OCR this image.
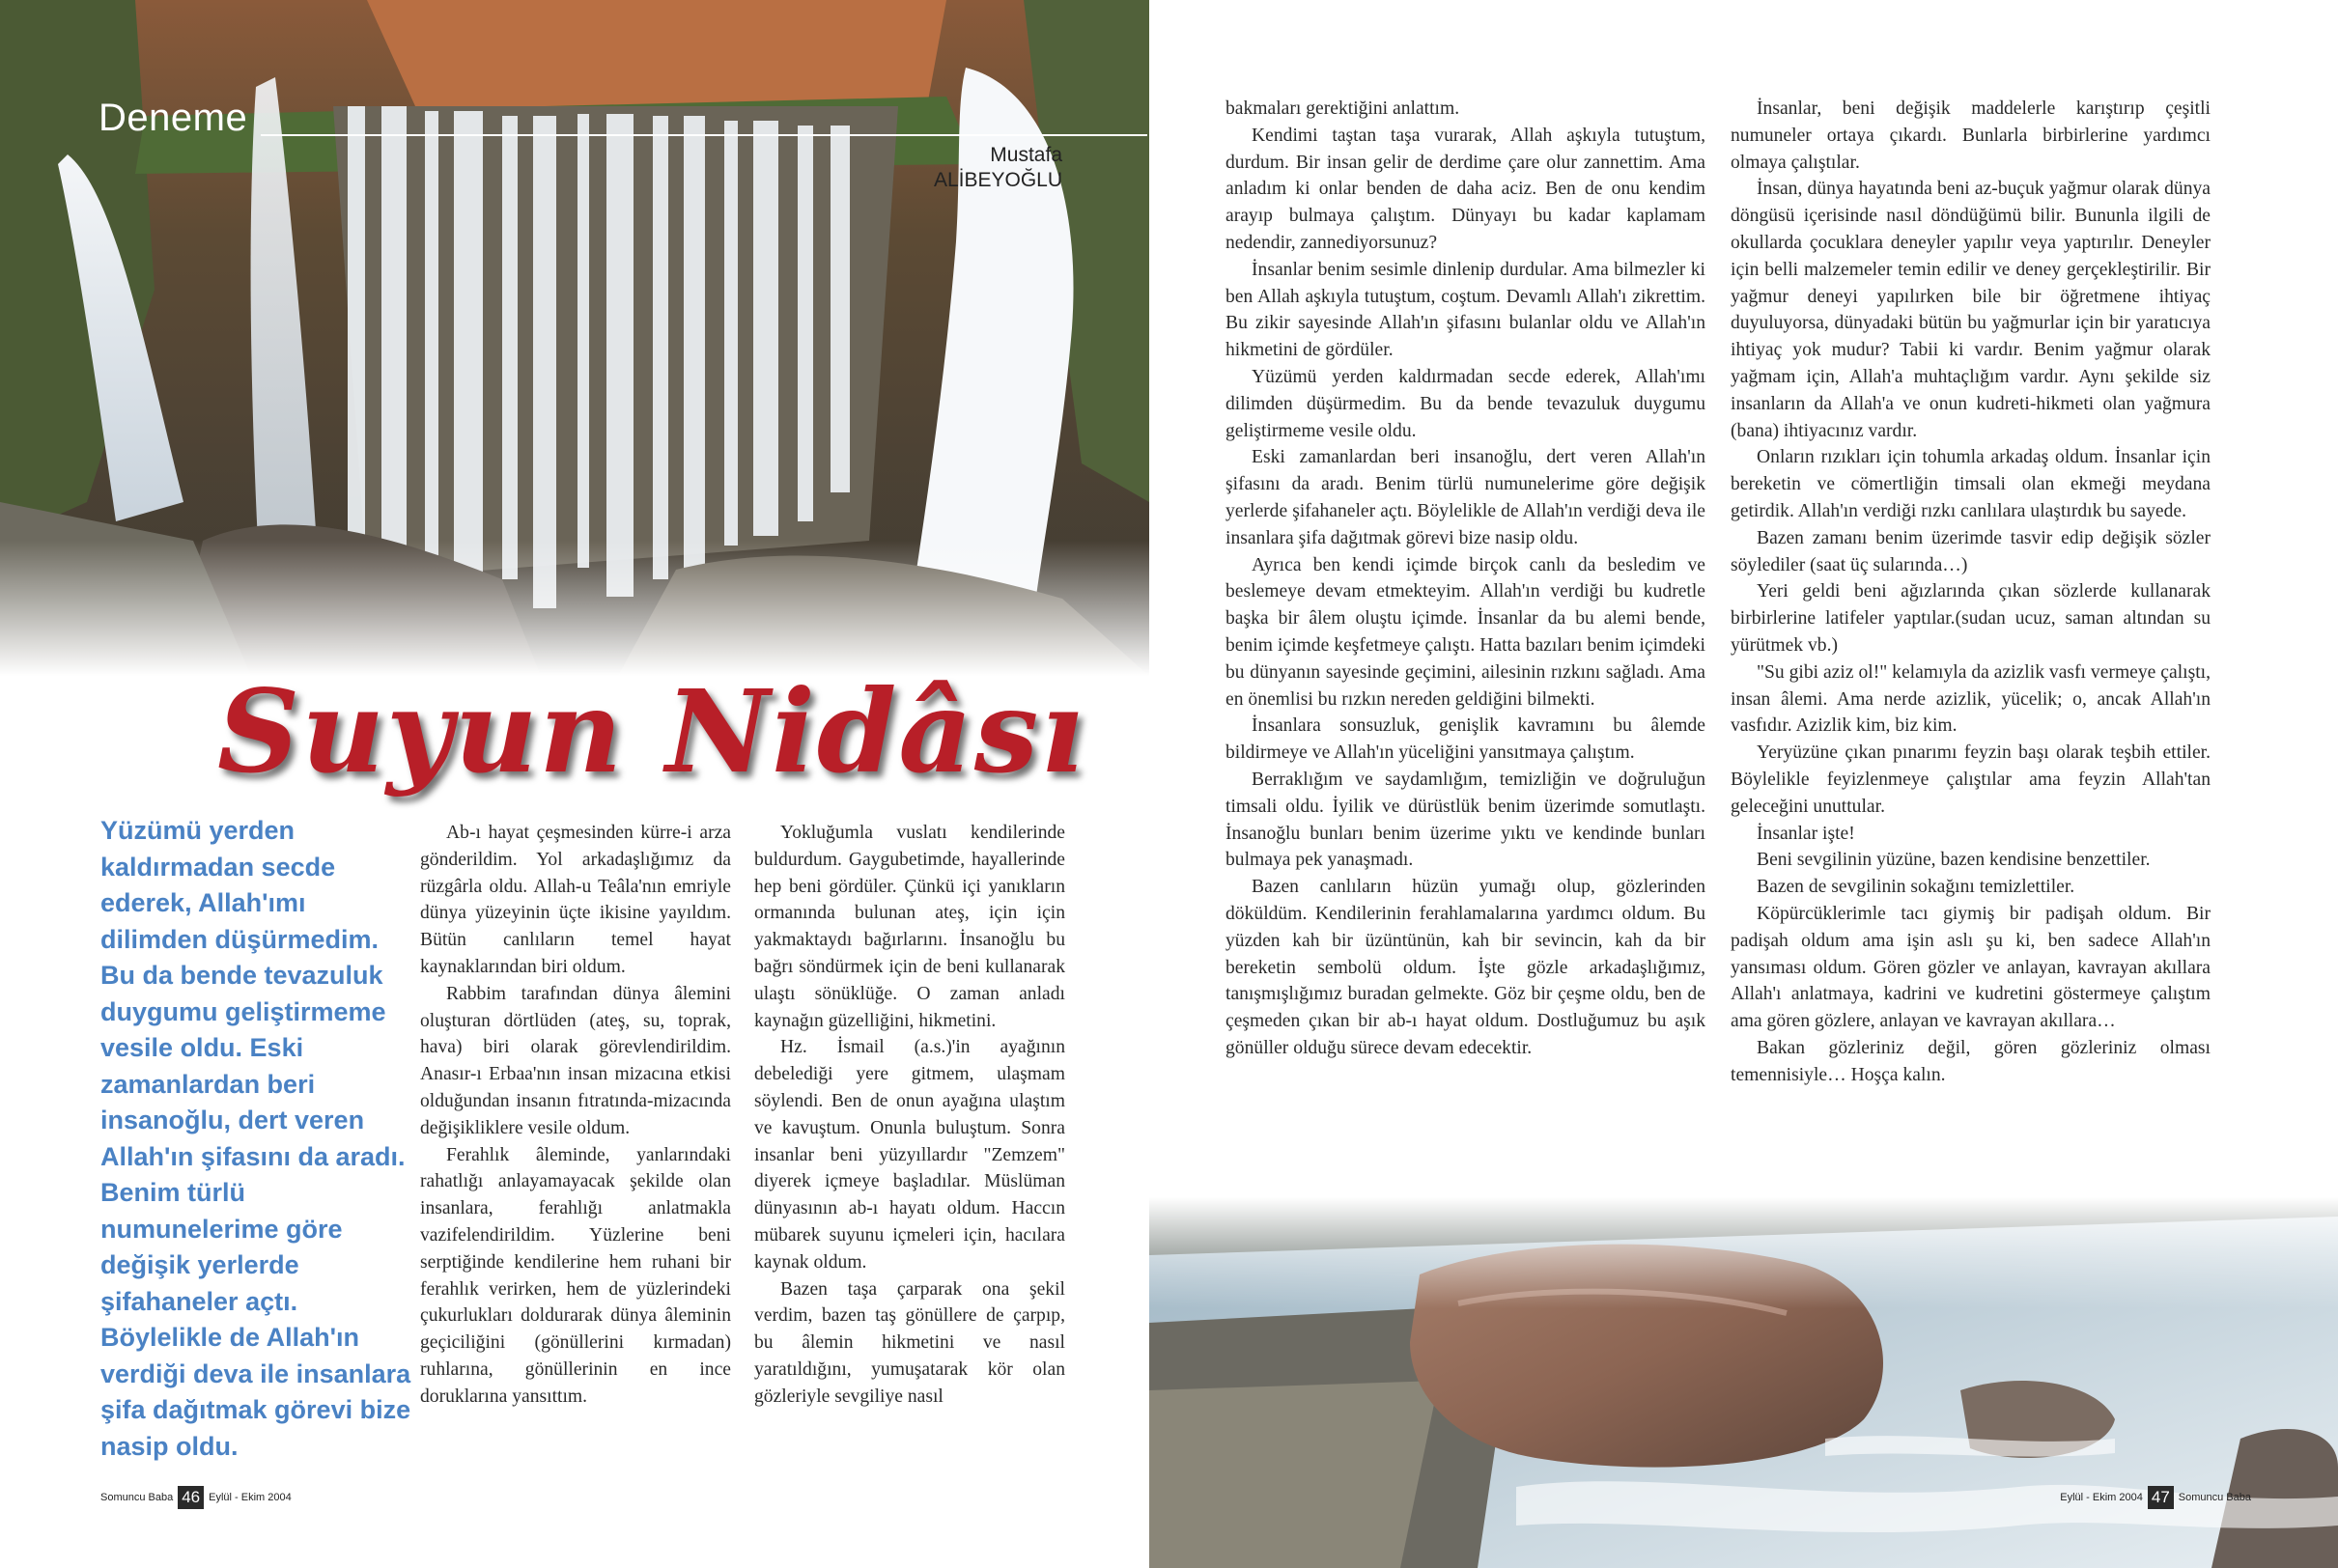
Deneme
Mustafa
ALİBEYOĞLU
Suyun Nidâsı
Yüzümü yerden kaldırmadan secde ederek, Allah'ımı dilimden düşürmedim. Bu da bende tevazuluk duygumu geliştirmeme vesile oldu. Eski zamanlardan beri insanoğlu, dert veren Allah'ın şifasını da aradı. Benim türlü numunelerime göre değişik yerlerde şifahaneler açtı. Böylelikle de Allah'ın verdiği deva ile insanlara şifa dağıtmak görevi bize nasip oldu.

Ab-ı hayat çeşmesinden kürre-i arza gönderildim. Yol arkadaşlığımız da rüzgârla oldu. Allah-u Teâla'nın emriyle dünya yüzeyinin üçte ikisine yayıldım. Bütün canlıların temel hayat kaynaklarından biri oldum.

Rabbim tarafından dünya âlemini oluşturan dörtlüden (ateş, su, toprak, hava) biri olarak görevlendirildim. Anasır-ı Erbaa'nın insan mizacına etkisi olduğundan insanın fıtratında-mizacında değişikliklere vesile oldum.

Ferahlık âleminde, yanlarındaki rahatlığı anlayamayacak şekilde olan insanlara, ferahlığı anlatmakla vazifelendirildim. Yüzlerine beni serptiğinde kendilerine hem ruhani bir ferahlık verirken, hem de yüzlerindeki çukurlukları doldurarak dünya âleminin geçiciliğini (gönüllerini kırmadan) ruhlarına, gönüllerinin en ince doruklarına yansıttım.

Yokluğumla vuslatı kendilerinde buldurdum. Gaygubetimde, hayallerinde hep beni gördüler. Çünkü içi yanıkların ormanında bulunan ateş, için için yakmaktaydı bağırlarını. İnsanoğlu bu bağrı söndürmek için de beni kullanarak ulaştı sönüklüğe. O zaman anladı kaynağın güzelliğini, hikmetini.

Hz. İsmail (a.s.)'in ayağının debelediği yere gitmem, ulaşmam söylendi. Ben de onun ayağına ulaştım ve kavuştum. Onunla buluştum. Sonra insanlar beni yüzyıllardır "Zemzem" diyerek içmeye başladılar. Müslüman dünyasının ab-ı hayatı oldum. Haccın mübarek suyunu içmeleri için, hacılara kaynak oldum.

Bazen taşa çarparak ona şekil verdim, bazen taş gönüllere de çarpıp, bu âlemin hikmetini ve nasıl yaratıldığını, yumuşatarak kör olan gözleriyle sevgiliye nasıl

Somuncu Baba 46 Eylül - Ekim 2004

bakmaları gerektiğini anlattım.

Kendimi taştan taşa vurarak, Allah aşkıyla tutuştum, durdum. Bir insan gelir de derdime çare olur zannettim. Ama anladım ki onlar benden de daha aciz. Ben de onu kendim arayıp bulmaya çalıştım. Dünyayı bu kadar kaplamam nedendir, zannediyorsunuz?

İnsanlar benim sesimle dinlenip durdular. Ama bilmezler ki ben Allah aşkıyla tutuştum, coştum. Devamlı Allah'ı zikrettim. Bu zikir sayesinde Allah'ın şifasını bulanlar oldu ve Allah'ın hikmetini de gördüler.

Yüzümü yerden kaldırmadan secde ederek, Allah'ımı dilimden düşürmedim. Bu da bende tevazuluk duygumu geliştirmeme vesile oldu.

Eski zamanlardan beri insanoğlu, dert veren Allah'ın şifasını da aradı. Benim türlü numunelerime göre değişik yerlerde şifahaneler açtı. Böylelikle de Allah'ın verdiği deva ile insanlara şifa dağıtmak görevi bize nasip oldu.

Ayrıca ben kendi içimde birçok canlı da besledim ve beslemeye devam etmekteyim. Allah'ın verdiği bu kudretle başka bir âlem oluştu içimde. İnsanlar da bu alemi bende, benim içimde keşfetmeye çalıştı. Hatta bazıları benim içimdeki bu dünyanın sayesinde geçimini, ailesinin rızkını sağladı. Ama en önemlisi bu rızkın nereden geldiğini bilmekti.

İnsanlara sonsuzluk, genişlik kavramını bu âlemde bildirmeye ve Allah'ın yüceliğini yansıtmaya çalıştım.

Berraklığım ve saydamlığım, temizliğin ve doğruluğun timsali oldu. İyilik ve dürüstlük benim üzerimde somutlaştı. İnsanoğlu bunları benim üzerime yıktı ve kendinde bunları bulmaya pek yanaşmadı.

Bazen canlıların hüzün yumağı olup, gözlerinden döküldüm. Kendilerinin ferahlamalarına yardımcı oldum. Bu yüzden kah bir üzüntünün, kah bir sevincin, kah da bir bereketin sembolü oldum. İşte gözle arkadaşlığımız, tanışmışlığımız buradan gelmekte. Göz bir çeşme oldu, ben de çeşmeden çıkan bir ab-ı hayat oldum. Dostluğumuz bu aşık gönüller olduğu sürece devam edecektir.

İnsanlar, beni değişik maddelerle karıştırıp çeşitli numuneler ortaya çıkardı. Bunlarla birbirlerine yardımcı olmaya çalıştılar.

İnsan, dünya hayatında beni az-buçuk yağmur olarak dünya döngüsü içerisinde nasıl döndüğümü bilir. Bununla ilgili de okullarda çocuklara deneyler yapılır veya yaptırılır. Deneyler için belli malzemeler temin edilir ve deney gerçekleştirilir. Bir yağmur deneyi yapılırken bile bir öğretmene ihtiyaç duyuluyorsa, dünyadaki bütün bu yağmurlar için bir yaratıcıya ihtiyaç yok mudur? Tabii ki vardır. Benim yağmur olarak yağmam için, Allah'a muhtaçlığım vardır. Aynı şekilde siz insanların da Allah'a ve onun kudreti-hikmeti olan yağmura (bana) ihtiyacınız vardır.

Onların rızıkları için tohumla arkadaş oldum. İnsanlar için bereketin ve cömertliğin timsali olan ekmeği meydana getirdik. Allah'ın verdiği rızkı canlılara ulaştırdık bu sayede.

Bazen zamanı benim üzerimde tasvir edip değişik sözler söylediler (saat üç sularında…)

Yeri geldi beni ağızlarında çıkan sözlerde kullanarak birbirlerine latifeler yaptılar.(sudan ucuz, saman altından su yürütmek vb.)

"Su gibi aziz ol!" kelamıyla da azizlik vasfı vermeye çalıştı, insan âlemi. Ama nerde azizlik, yücelik; o, ancak Allah'ın vasfıdır. Azizlik kim, biz kim.

Yeryüzüne çıkan pınarımı feyzin başı olarak teşbih ettiler. Böylelikle feyizlenmeye çalıştılar ama feyzin Allah'tan geleceğini unuttular.

İnsanlar işte!

Beni sevgilinin yüzüne, bazen kendisine benzettiler.

Bazen de sevgilinin sokağını temizlettiler.

Köpürcüklerimle tacı giymiş bir padişah oldum. Bir padişah oldum ama işin aslı şu ki, ben sadece Allah'ın yansıması oldum. Gören gözler ve anlayan, kavrayan akıllara Allah'ı anlatmaya, kadrini ve kudretini göstermeye çalıştım ama gören gözlere, anlayan ve kavrayan akıllara…

Bakan gözleriniz değil, gören gözleriniz olması temennisiyle… Hoşça kalın.

Eylül - Ekim 2004 47 Somuncu Baba
